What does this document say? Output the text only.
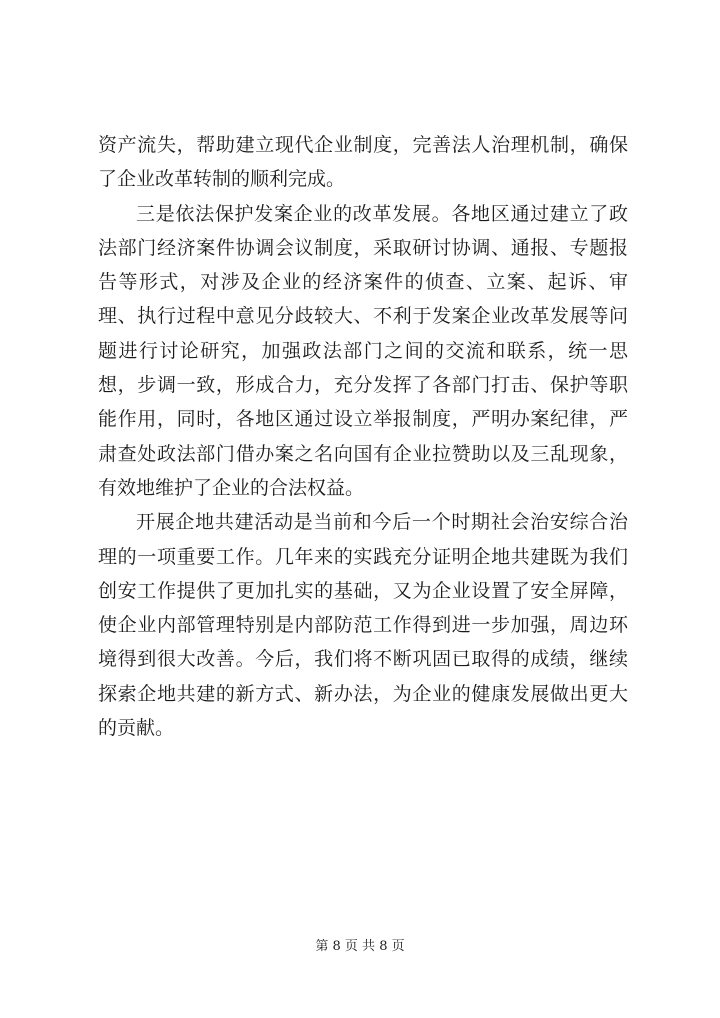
资产流失，帮助建立现代企业制度，完善法人治理机制，确保了企业改革转制的顺利完成。

三是依法保护发案企业的改革发展。各地区通过建立了政法部门经济案件协调会议制度，采取研讨协调、通报、专题报告等形式，对涉及企业的经济案件的侦查、立案、起诉、审理、执行过程中意见分歧较大、不利于发案企业改革发展等问题进行讨论研究，加强政法部门之间的交流和联系，统一思想，步调一致，形成合力，充分发挥了各部门打击、保护等职能作用，同时，各地区通过设立举报制度，严明办案纪律，严肃查处政法部门借办案之名向国有企业拉赞助以及三乱现象，有效地维护了企业的合法权益。

开展企地共建活动是当前和今后一个时期社会治安综合治理的一项重要工作。几年来的实践充分证明企地共建既为我们创安工作提供了更加扎实的基础，又为企业设置了安全屏障，使企业内部管理特别是内部防范工作得到进一步加强，周边环境得到很大改善。今后，我们将不断巩固已取得的成绩，继续探索企地共建的新方式、新办法，为企业的健康发展做出更大的贡献。

第 8 页 共 8 页
